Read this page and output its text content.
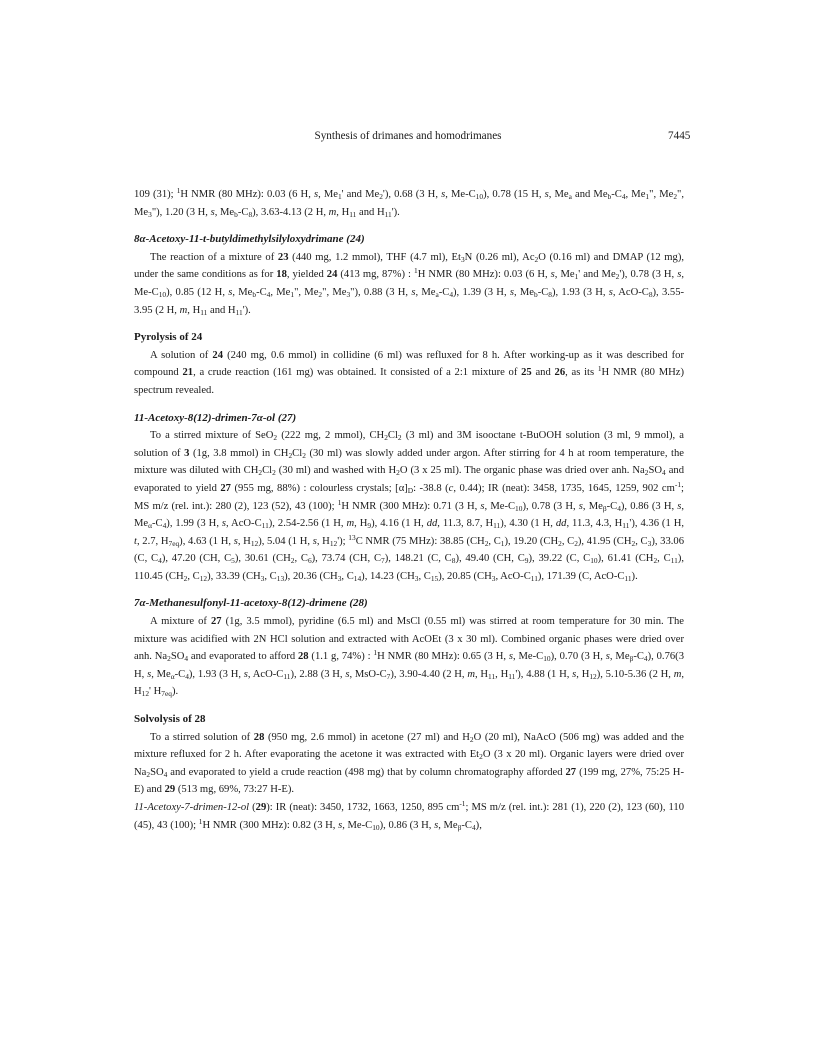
Synthesis of drimanes and homodrimanes	7445

109 (31); $^1$H NMR (80 MHz): 0.03 (6 H, s, $Me_1'$ and $Me_2'$), 0.68 (3 H, s, $Me-C_{10}$), 0.78 (15 H, s, $Me_a$ and $Me_b-C_4$, $Me_1$", $Me_2$", $Me_3$"), 1.20 (3 H, s, $Me_b-C_8$), 3.63-4.13 (2 H, m, $H_{11}$ and $H_{11}'$).

8α-Acetoxy-11-t-butyldimethylsilyloxydrimane (24)

The reaction of a mixture of 23 (440 mg, 1.2 mmol), THF (4.7 ml), $Et_3N$ (0.26 ml), $Ac_2O$ (0.16 ml) and DMAP (12 mg), under the same conditions as for 18, yielded 24 (413 mg, 87%) : $^1$H NMR (80 MHz): 0.03 (6 H, s, $Me_1'$ and $Me_2'$), 0.78 (3 H, s, $Me-C_{10}$), 0.85 (12 H, s, $Me_b-C_4$, $Me_1$", $Me_2$", $Me_3$"), 0.88 (3 H, s, $Me_a-C_4$), 1.39 (3 H, s, $Me_b-C_8$), 1.93 (3 H, s, AcO-$C_8$), 3.55-3.95 (2 H, m, $H_{11}$ and $H_{11}'$).

Pyrolysis of 24

A solution of 24 (240 mg, 0.6 mmol) in collidine (6 ml) was refluxed for 8 h. After working-up as it was described for compound 21, a crude reaction (161 mg) was obtained. It consisted of a 2:1 mixture of 25 and 26, as its $^1$H NMR (80 MHz) spectrum revealed.

11-Acetoxy-8(12)-drimen-7α-ol (27)

To a stirred mixture of SeO$_2$ (222 mg, 2 mmol), $CH_2Cl_2$ (3 ml) and 3M isooctane t-BuOOH solution (3 ml, 9 mmol), a solution of 3 (1g, 3.8 mmol) in $CH_2Cl_2$ (30 ml) was slowly added under argon. After stirring for 4 h at room temperature, the mixture was diluted with $CH_2Cl_2$ (30 ml) and washed with $H_2O$ (3 x 25 ml). The organic phase was dried over anh. $Na_2SO_4$ and evaporated to yield 27 (955 mg, 88%) : colourless crystals; $[\alpha]_D$: -38.8 (c, 0.44); IR (neat): 3458, 1735, 1645, 1259, 902 $cm^{-1}$; MS m/z (rel. int.): 280 (2), 123 (52), 43 (100); $^1$H NMR (300 MHz): 0.71 (3 H, s, $Me-C_{10}$), 0.78 (3 H, s, $Me_\beta-C_4$), 0.86 (3 H, s, $Me_\alpha-C_4$), 1.99 (3 H, s, AcO-$C_{11}$), 2.54-2.56 (1 H, m, $H_9$), 4.16 (1 H, dd, 11.3, 8.7, $H_{11}$), 4.30 (1 H, dd, 11.3, 4.3, $H_{11}'$), 4.36 (1 H, t, 2.7, $H_{7eq}$), 4.63 (1 H, s, $H_{12}$), 5.04 (1 H, s, $H_{12}'$); $^{13}$C NMR (75 MHz): 38.85 ($CH_2$, $C_1$), 19.20 ($CH_2$, $C_2$), 41.95 ($CH_2$, $C_3$), 33.06 (C, $C_4$), 47.20 (CH, $C_5$), 30.61 ($CH_2$, $C_6$), 73.74 (CH, $C_7$), 148.21 (C, $C_8$), 49.40 (CH, $C_9$), 39.22 (C, $C_{10}$), 61.41 ($CH_2$, $C_{11}$), 110.45 ($CH_2$, $C_{12}$), 33.39 ($CH_3$, $C_{13}$), 20.36 ($CH_3$, $C_{14}$), 14.23 ($CH_3$, $C_{15}$), 20.85 ($CH_3$, AcO-$C_{11}$), 171.39 (C, AcO-$C_{11}$).

7α-Methanesulfonyl-11-acetoxy-8(12)-drimene (28)

A mixture of 27 (1g, 3.5 mmol), pyridine (6.5 ml) and MsCl (0.55 ml) was stirred at room temperature for 30 min. The mixture was acidified with 2N HCl solution and extracted with AcOEt (3 x 30 ml). Combined organic phases were dried over anh. $Na_2SO_4$ and evaporated to afford 28 (1.1 g, 74%) : $^1$H NMR (80 MHz): 0.65 (3 H, s, $Me-C_{10}$), 0.70 (3 H, s, $Me_\beta-C_4$), 0.76(3 H, s, $Me_\alpha-C_4$), 1.93 (3 H, s, AcO-$C_{11}$), 2.88 (3 H, s, MsO-$C_7$), 3.90-4.40 (2 H, m, $H_{11}$, $H_{11}'$), 4.88 (1 H, s, $H_{12}$), 5.10-5.36 (2 H, m, $H_{12}'$ $H_{7eq}$).

Solvolysis of 28

To a stirred solution of 28 (950 mg, 2.6 mmol) in acetone (27 ml) and $H_2O$ (20 ml), NaAcO (506 mg) was added and the mixture refluxed for 2 h. After evaporating the acetone it was extracted with $Et_2O$ (3 x 20 ml). Organic layers were dried over $Na_2SO_4$ and evaporated to yield a crude reaction (498 mg) that by column chromatography afforded 27 (199 mg, 27%, 75:25 H-E) and 29 (513 mg, 69%, 73:27 H-E).

11-Acetoxy-7-drimen-12-ol (29): IR (neat): 3450, 1732, 1663, 1250, 895 $cm^{-1}$; MS m/z (rel. int.): 281 (1), 220 (2), 123 (60), 110 (45), 43 (100); $^1$H NMR (300 MHz): 0.82 (3 H, s, $Me-C_{10}$), 0.86 (3 H, s, $Me_\beta-C_4$),
